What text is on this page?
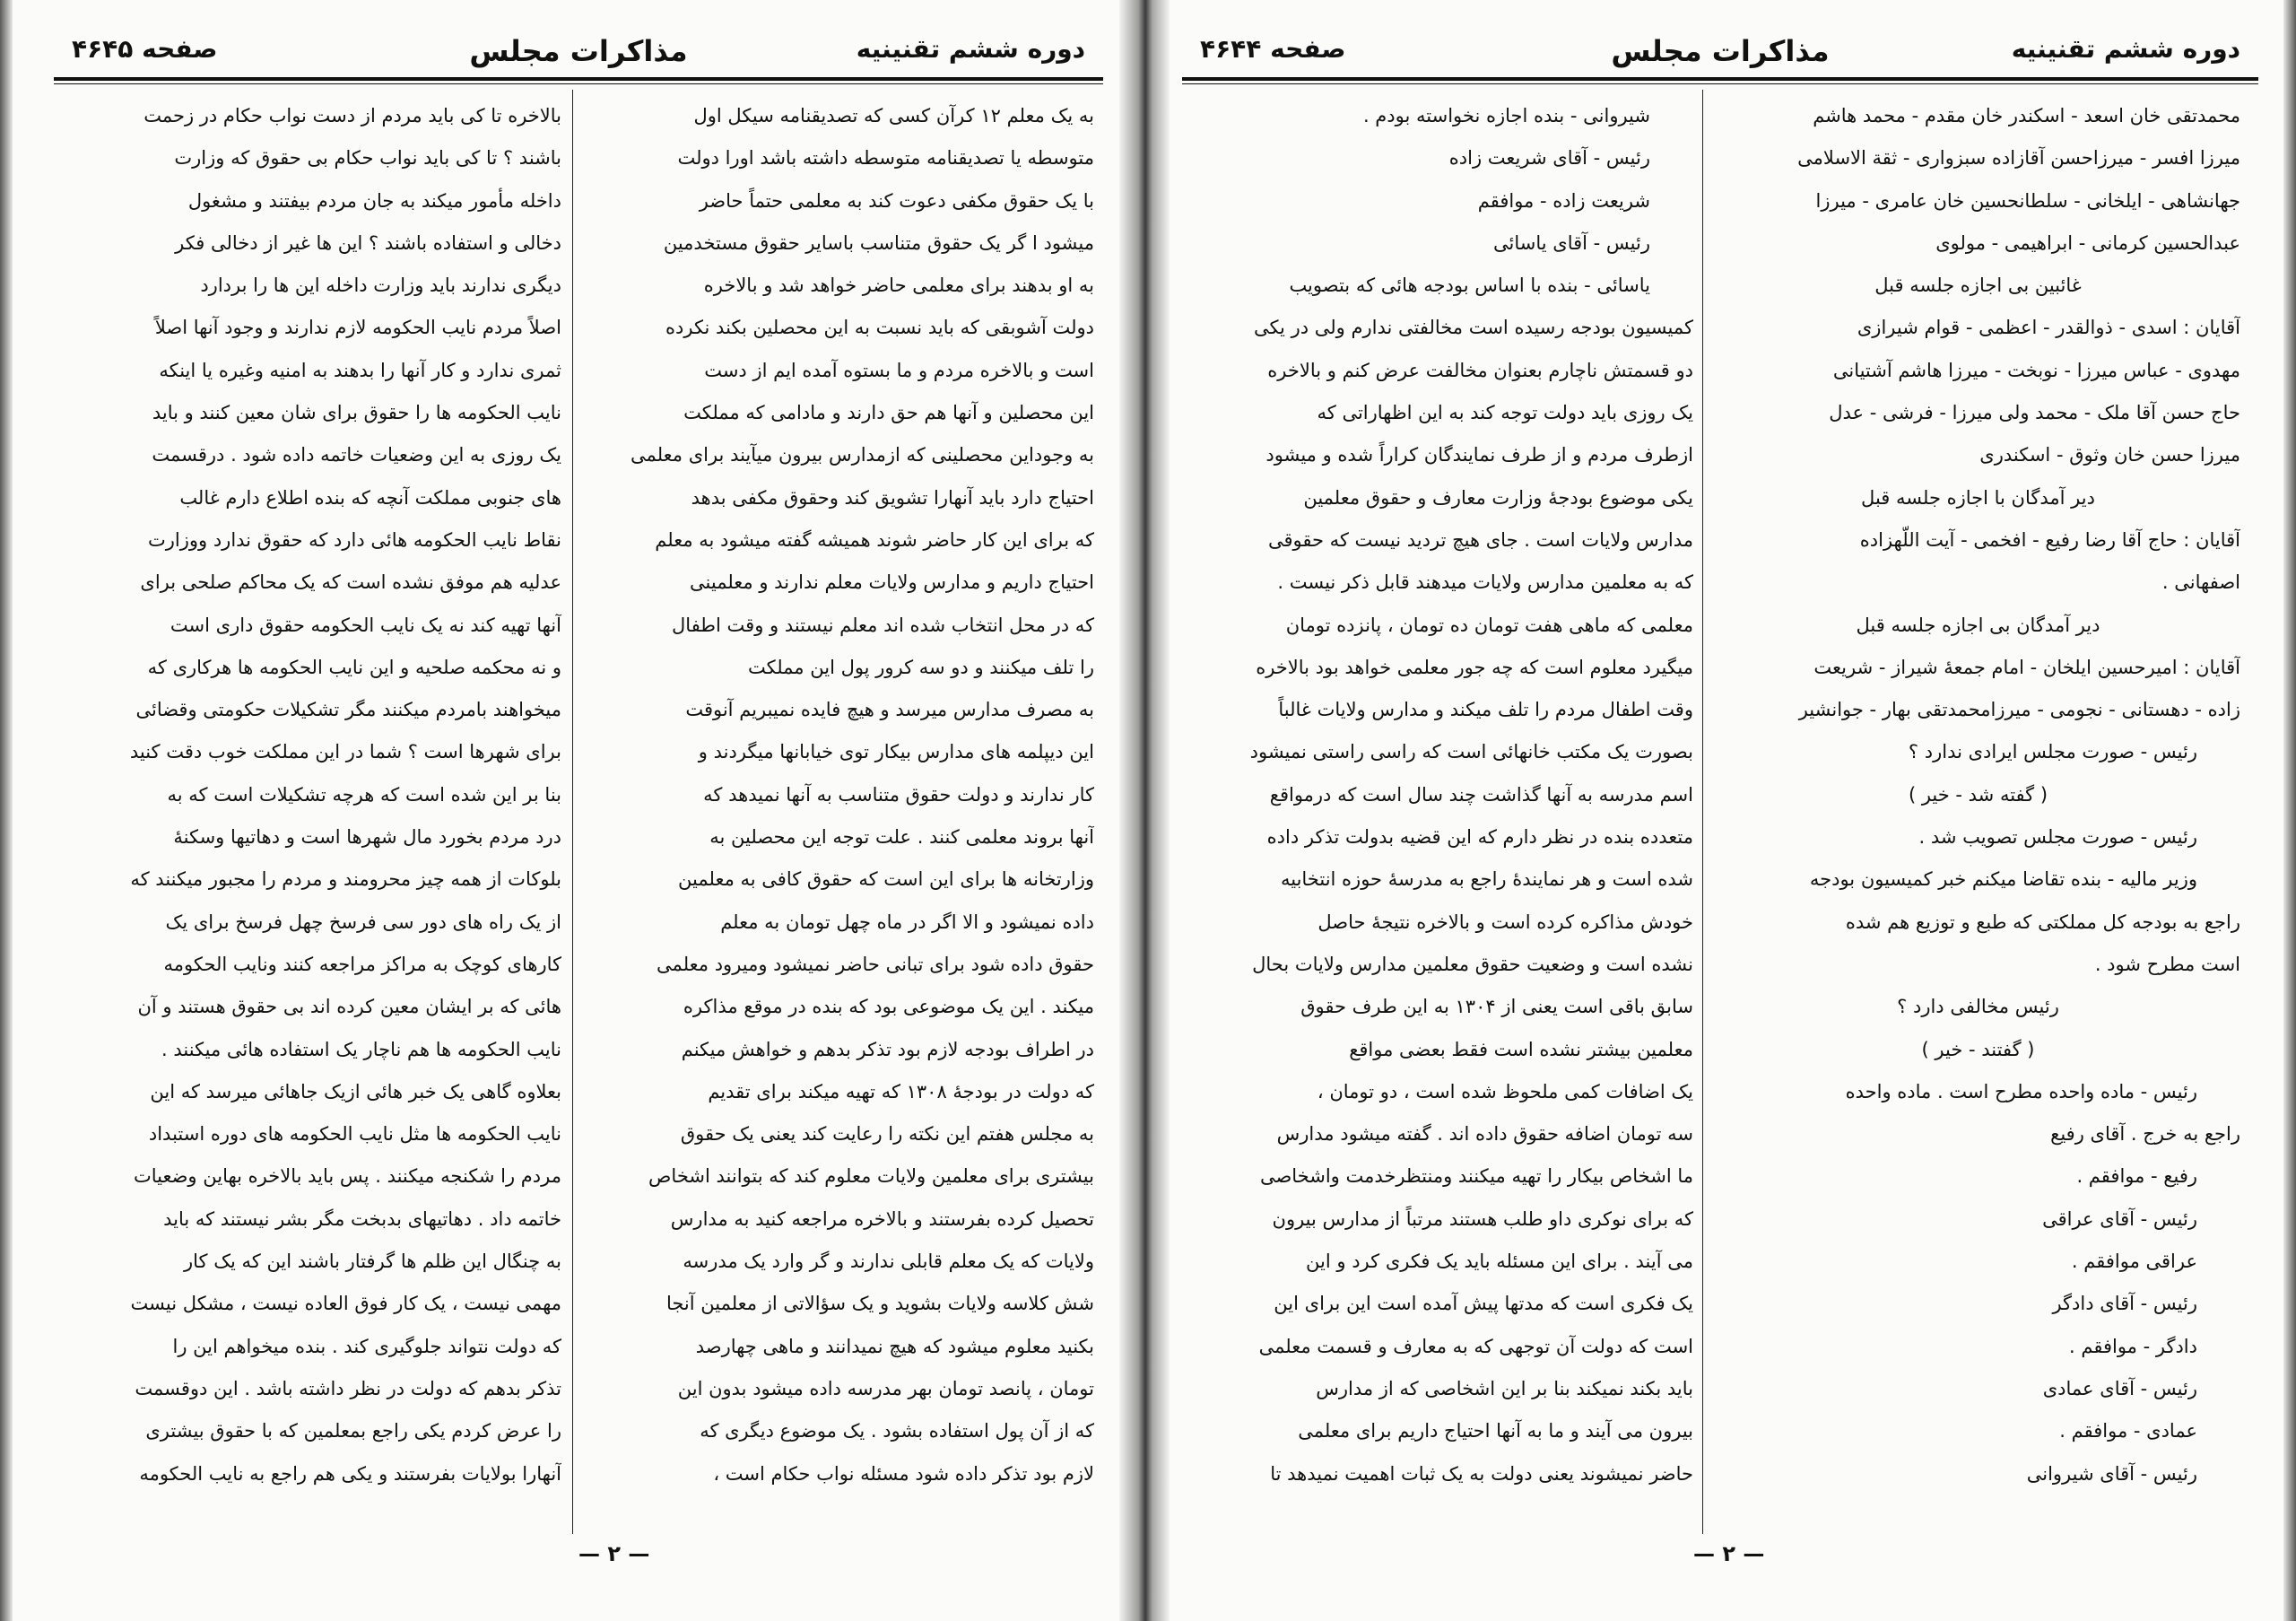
دوره ششم تقنینیه
مذاکرات مجلس
صفحه ۴۶۴۵
به یک معلم ۱۲ کرآن کسی که تصدیقنامه سیکل اول
متوسطه یا تصدیقنامه متوسطه داشته باشد اورا دولت
با یک حقوق مکفی دعوت کند به معلمی حتماً حاضر
میشود ا گر یک حقوق متناسب باسایر حقوق مستخدمین
به او بدهند برای معلمی حاضر خواهد شد و بالاخره
دولت آشوبقی که باید نسبت به این محصلین بکند نکرده
است و بالاخره مردم و ما بستوه آمده ایم از دست
این محصلین و آنها هم حق دارند و مادامی که مملکت
به وجوداین محصلینی که ازمدارس بیرون میآیند برای معلمی
احتیاج دارد باید آنهارا تشویق کند وحقوق مکفی بدهد
که برای این کار حاضر شوند همیشه گفته میشود به معلم
احتیاج داریم و مدارس ولایات معلم ندارند و معلمینی
که در محل انتخاب شده اند معلم نیستند و وقت اطفال
را تلف میکنند و دو سه کرور پول این مملکت
به مصرف مدارس میرسد و هیچ فایده نمیبریم آنوقت
این دیپلمه های مدارس بیکار توی خیابانها میگردند و
کار ندارند و دولت حقوق متناسب به آنها نمیدهد که
آنها بروند معلمی کنند . علت توجه این محصلین به
وزارتخانه ها برای این است که حقوق کافی به معلمین
داده نمیشود و الا اگر در ماه چهل تومان به معلم
حقوق داده شود برای تبانی حاضر نمیشود ومیرود معلمی
میکند . این یک موضوعی بود که بنده در موقع مذاکره
در اطراف بودجه لازم بود تذکر بدهم و خواهش میکنم
که دولت در بودجهٔ ۱۳۰۸ که تهیه میکند برای تقدیم
به مجلس هفتم این نکته را رعایت کند یعنی یک حقوق
بیشتری برای معلمین ولایات معلوم کند که بتوانند اشخاص
تحصیل کرده بفرستند و بالاخره مراجعه کنید به مدارس
ولایات که یک معلم قابلی ندارند و گر وارد یک مدرسه
شش کلاسه ولایات بشوید و یک سؤالاتی از معلمین آنجا
بکنید معلوم میشود که هیچ نمیدانند و ماهی چهارصد
تومان ، پانصد تومان بهر مدرسه داده میشود بدون این
که از آن پول استفاده بشود . یک موضوع دیگری که
لازم بود تذکر داده شود مسئله نواب حکام است ،
بالاخره تا کی باید مردم از دست نواب حکام در زحمت
باشند ؟ تا کی باید نواب حکام بی حقوق که وزارت
داخله مأمور میکند به جان مردم بیفتند و مشغول
دخالی و استفاده باشند ؟ این ها غیر از دخالی فکر
دیگری ندارند باید وزارت داخله این ها را بردارد
اصلاً مردم نایب الحکومه لازم ندارند و وجود آنها اصلاً
ثمری ندارد و کار آنها را بدهند به امنیه وغیره یا اینکه
نایب الحکومه ها را حقوق برای شان معین کنند و باید
یک روزی به این وضعیات خاتمه داده شود . درقسمت
های جنوبی مملکت آنچه که بنده اطلاع دارم غالب
نقاط نایب الحکومه هائی دارد که حقوق ندارد ووزارت
عدلیه هم موفق نشده است که یک محاکم صلحی برای
آنها تهیه کند نه یک نایب الحکومه حقوق داری است
و نه محکمه صلحیه و این نایب الحکومه ها هرکاری که
میخواهند بامردم میکنند مگر تشکیلات حکومتی وقضائی
برای شهرها است ؟ شما در این مملکت خوب دقت کنید
بنا بر این شده است که هرچه تشکیلات است که به
درد مردم بخورد مال شهرها است و دهاتیها وسکنهٔ
بلوکات از همه چیز محرومند و مردم را مجبور میکنند که
از یک راه های دور سی فرسخ چهل فرسخ برای یک
کارهای کوچک به مراکز مراجعه کنند ونایب الحکومه
هائی که بر ایشان معین کرده اند بی حقوق هستند و آن
نایب الحکومه ها هم ناچار یک استفاده هائی میکنند .
بعلاوه گاهی یک خبر هائی ازیک جاهائی میرسد که این
نایب الحکومه ها مثل نایب الحکومه های دوره استبداد
مردم را شکنجه میکنند . پس باید بالاخره بهاین وضعیات
خاتمه داد . دهاتیهای بدبخت مگر بشر نیستند که باید
به چنگال این ظلم ها گرفتار باشند این که یک کار
مهمی نیست ، یک کار فوق العاده نیست ، مشکل نیست
که دولت نتواند جلوگیری کند . بنده میخواهم این را
تذکر بدهم که دولت در نظر داشته باشد . این دوقسمت
را عرض کردم یکی راجع بمعلمین که با حقوق بیشتری
آنهارا بولایات بفرستند و یکی هم راجع به نایب الحکومه
— ۲ —
دوره ششم تقنینیه
مذاکرات مجلس
صفحه ۴۶۴۴
محمدتقی خان اسعد - اسکندر خان مقدم - محمد هاشم
میرزا افسر - میرزاحسن آقازاده سبزواری - ثقة الاسلامی
جهانشاهی - ایلخانی - سلطانحسین خان عامری - میرزا
عبدالحسین کرمانی - ابراهیمی - مولوی
غائبین بی اجازه جلسه قبل
آقایان : اسدی - ذوالقدر - اعظمی - قوام شیرازی
مهدوی - عباس میرزا - نوبخت - میرزا هاشم آشتیانی
حاج حسن آقا ملک - محمد ولی میرزا - فرشی - عدل
میرزا حسن خان وثوق - اسکندری
دیر آمدگان با اجازه جلسه قبل
آقایان : حاج آقا رضا رفیع - افخمی - آیت اللّهزاده
اصفهانی .
دیر آمدگان بی اجازه جلسه قبل
آقایان : امیرحسین ایلخان - امام جمعهٔ شیراز - شریعت
زاده - دهستانی - نجومی - میرزامحمدتقی بهار - جوانشیر
رئیس - صورت مجلس ایرادی ندارد ؟
( گفته شد - خیر )
رئیس - صورت مجلس تصویب شد .
وزیر مالیه - بنده تقاضا میکنم خبر کمیسیون بودجه
راجع به بودجه کل مملکتی که طبع و توزیع هم شده
است مطرح شود .
رئیس مخالفی دارد ؟
( گفتند - خیر )
رئیس - ماده واحده مطرح است . ماده واحده
راجع به خرج . آقای رفیع
رفیع - موافقم .
رئیس - آقای عراقی
عراقی موافقم .
رئیس - آقای دادگر
دادگر - موافقم .
رئیس - آقای عمادی
عمادی - موافقم .
رئیس - آقای شیروانی
شیروانی - بنده اجازه نخواسته بودم .
رئیس - آقای شریعت زاده
شریعت زاده - موافقم
رئیس - آقای یاسائی
یاسائی - بنده با اساس بودجه هائی که بتصویب
کمیسیون بودجه رسیده است مخالفتی ندارم ولی در یکی
دو قسمتش ناچارم بعنوان مخالفت عرض کنم و بالاخره
یک روزی باید دولت توجه کند به این اظهاراتی که
ازطرف مردم و از طرف نمایندگان کراراً شده و میشود
یکی موضوع بودجهٔ وزارت معارف و حقوق معلمین
مدارس ولایات است . جای هیچ تردید نیست که حقوقی
که به معلمین مدارس ولایات میدهند قابل ذکر نیست .
معلمی که ماهی هفت تومان ده تومان ، پانزده تومان
میگیرد معلوم است که چه جور معلمی خواهد بود بالاخره
وقت اطفال مردم را تلف میکند و مدارس ولایات غالباً
بصورت یک مکتب خانهائی است که راسی راستی نمیشود
اسم مدرسه به آنها گذاشت چند سال است که درمواقع
متعدده بنده در نظر دارم که این قضیه بدولت تذکر داده
شده است و هر نمایندهٔ راجع به مدرسهٔ حوزه انتخابیه
خودش مذاکره کرده است و بالاخره نتیجهٔ حاصل
نشده است و وضعیت حقوق معلمین مدارس ولایات بحال
سابق باقی است یعنی از ۱۳۰۴ به این طرف حقوق
معلمین بیشتر نشده است فقط بعضی مواقع
یک اضافات کمی ملحوظ شده است ، دو تومان ،
سه تومان اضافه حقوق داده اند . گفته میشود مدارس
ما اشخاص بیکار را تهیه میکنند ومنتظرخدمت واشخاصی
که برای نوکری داو طلب هستند مرتباً از مدارس بیرون
می آیند . برای این مسئله باید یک فکری کرد و این
یک فکری است که مدتها پیش آمده است این برای این
است که دولت آن توجهی که به معارف و قسمت معلمی
باید بکند نمیکند بنا بر این اشخاصی که از مدارس
بیرون می آیند و ما به آنها احتیاج داریم برای معلمی
حاضر نمیشوند یعنی دولت به یک ثبات اهمیت نمیدهد تا
— ۲ —
